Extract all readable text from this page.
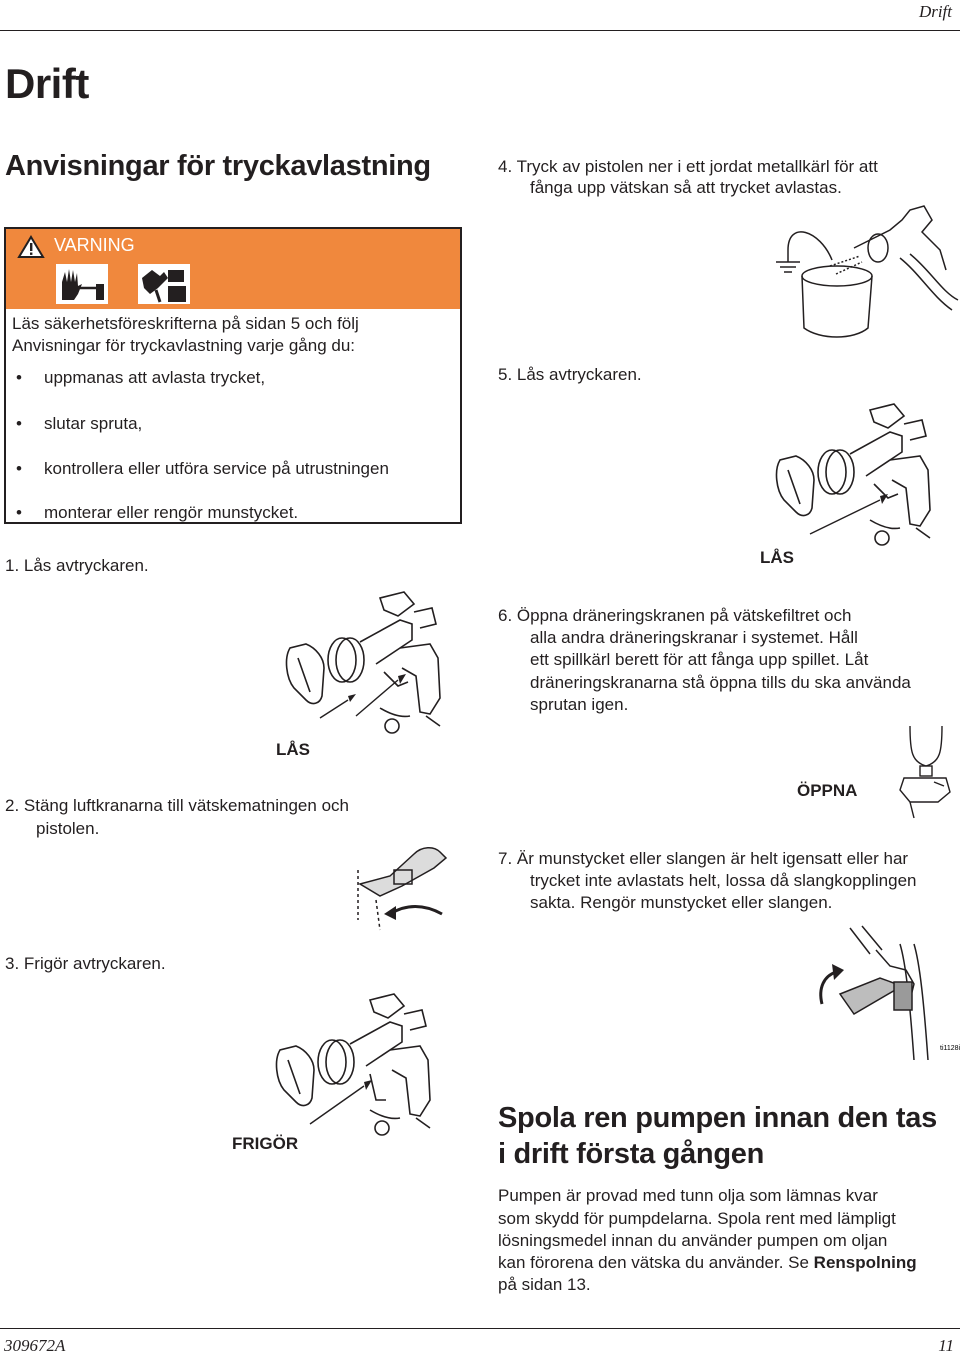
Drift
Drift
Anvisningar för tryckavlastning
VARNING
Läs säkerhetsföreskrifterna på sidan 5 och följ
Anvisningar för tryckavlastning varje gång du:
• uppmanas att avlasta trycket,
• slutar spruta,
• kontrollera eller utföra service på utrustningen
• monterar eller rengör munstycket.
1. Lås avtryckaren.
LÅS
2. Stäng luftkranarna till vätskematningen och
pistolen.
3. Frigör avtryckaren.
FRIGÖR
4. Tryck av pistolen ner i ett jordat metallkärl för att
fånga upp vätskan så att trycket avlastas.
5. Lås avtryckaren.
LÅS
6. Öppna dräneringskranen på vätskefiltret och
alla andra dräneringskranar i systemet. Håll
ett spillkärl berett för att fånga upp spillet. Låt
dräneringskranarna stå öppna tills du ska använda
sprutan igen.
ÖPPNA
7. Är munstycket eller slangen är helt igensatt eller har
trycket inte avlastats helt, lossa då slangkopplingen
sakta. Rengör munstycket eller slangen.
ti1128i
Spola ren pumpen innan den tas
i drift första gången
Pumpen är provad med tunn olja som lämnas kvar
som skydd för pumpdelarna. Spola rent med lämpligt
lösningsmedel innan du använder pumpen om oljan
kan förorena den vätska du använder. Se Renspolning
på sidan 13.
309672A	11
